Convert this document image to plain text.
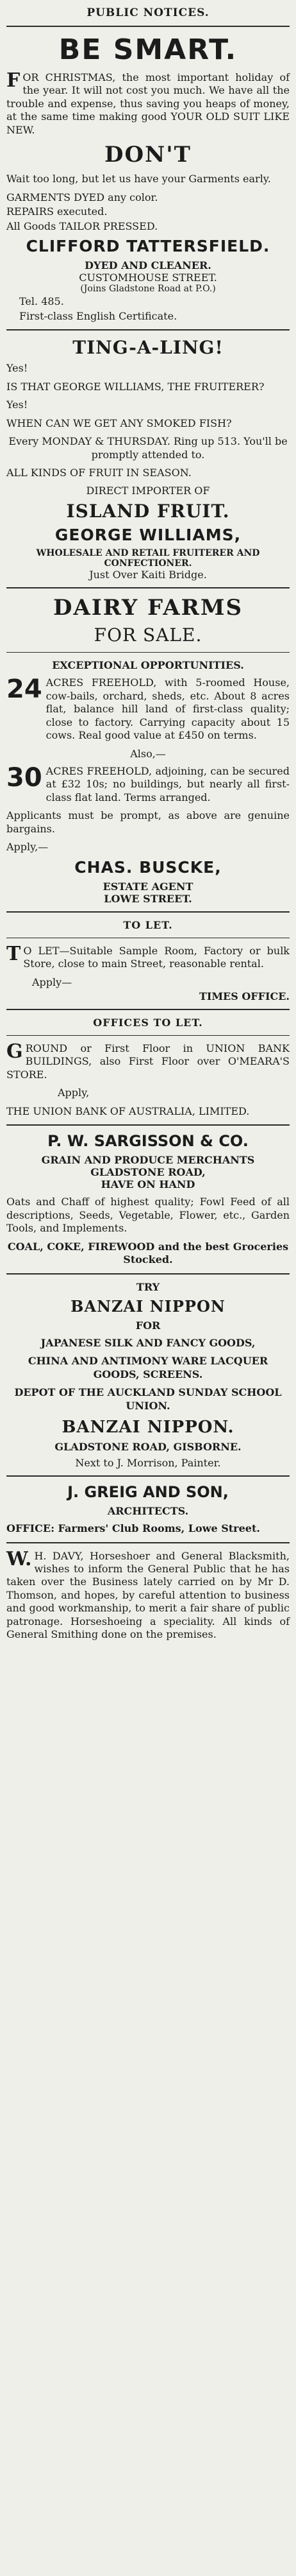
PUBLIC NOTICES.
BE SMART.
FOR CHRISTMAS, the most important holiday of the year. It will not cost you much. We have all the trouble and expense, thus saving you heaps of money, at the same time making good YOUR OLD SUIT LIKE NEW.
DON'T
Wait too long, but let us have your Garments early.
GARMENTS DYED any color.
REPAIRS executed.
All Goods TAILOR PRESSED.
CLIFFORD TATTERSFIELD.
DYED AND CLEANER.
CUSTOMHOUSE STREET.
(Joins Gladstone Road at P.O.)
Tel. 485.
First-class English Certificate.
TING-A-LING!
Yes!
IS THAT GEORGE WILLIAMS, THE FRUITERER?
Yes!
WHEN CAN WE GET ANY SMOKED FISH?
Every MONDAY & THURSDAY. Ring up 513. You'll be promptly attended to.
ALL KINDS OF FRUIT IN SEASON.
DIRECT IMPORTER OF
ISLAND FRUIT.
GEORGE WILLIAMS,
WHOLESALE AND RETAIL FRUITERER AND CONFECTIONER.
Just Over Kaiti Bridge.
DAIRY FARMS
FOR SALE.
EXCEPTIONAL OPPORTUNITIES.
24 ACRES FREEHOLD, with 5-roomed House, cow-bails, orchard, sheds, etc. About 8 acres flat, balance hill land of first-class quality; close to factory. Carrying capacity about 15 cows. Real good value at £450 on terms.
Also,—
30 ACRES FREEHOLD, adjoining, can be secured at £32 10s; no buildings, but nearly all first-class flat land. Terms arranged.
Applicants must be prompt, as above are genuine bargains.
Apply,—
CHAS. BUSCKE,
ESTATE AGENT
LOWE STREET.
TO LET.
TO LET—Suitable Sample Room, Factory or bulk Store, close to main Street, reasonable rental.
Apply—
TIMES OFFICE.
OFFICES TO LET.
GROUND or First Floor in UNION BANK BUILDINGS, also First Floor over O'MEARA'S STORE.
Apply,
THE UNION BANK OF AUSTRALIA, LIMITED.
P. W. SARGISSON & CO.
GRAIN AND PRODUCE MERCHANTS
GLADSTONE ROAD,
HAVE ON HAND
Oats and Chaff of highest quality; Fowl Feed of all descriptions, Seeds, Vegetable, Flower, etc., Garden Tools, and Implements.
COAL, COKE, FIREWOOD and the best Groceries Stocked.
TRY
BANZAI NIPPON
FOR
JAPANESE SILK AND FANCY GOODS,
CHINA AND ANTIMONY WARE LACQUER GOODS, SCREENS.
DEPOT OF THE AUCKLAND SUNDAY SCHOOL UNION.
BANZAI NIPPON.
GLADSTONE ROAD, GISBORNE.
Next to J. Morrison, Painter.
J. GREIG AND SON,
ARCHITECTS.
OFFICE: Farmers' Club Rooms, Lowe Street.
W.H. DAVY, Horseshoer and General Blacksmith, wishes to inform the General Public that he has taken over the Business lately carried on by Mr D. Thomson, and hopes, by careful attention to business and good workmanship, to merit a fair share of public patronage. Horseshoeing a speciality. All kinds of General Smithing done on the premises.
